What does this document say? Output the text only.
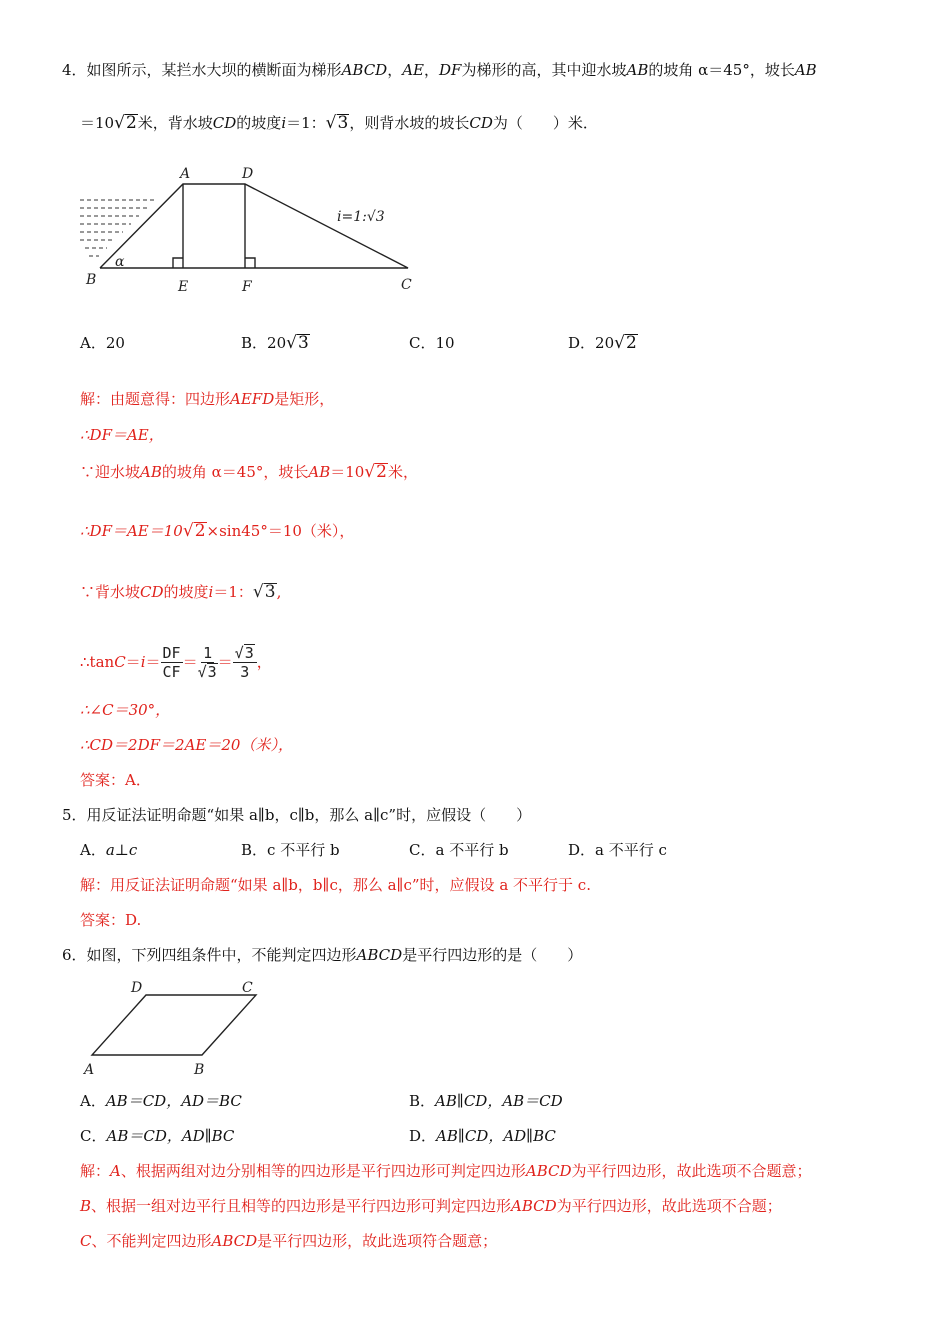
4．如图所示，某拦水大坝的横断面为梯形ABCD，AE，DF为梯形的高，其中迎水坡AB的坡角 α＝45°，坡长AB
＝10√2米，背水坡CD的坡度i＝1：√3，则背水坡的坡长CD为（　　）米．
A	D
B	E	F	C
α
i=1:√3
A．20	B．20√3	C．10	D．20√2
解：由题意得：四边形AEFD是矩形，
∴DF＝AE，
∵迎水坡AB的坡角 α＝45°，坡长AB＝10√2米，
∴DF＝AE＝10√2×sin45°＝10（米），
∵背水坡CD的坡度i＝1：√3,
∴tan $C = i = \frac{DF}{CF} = \frac{1}{√3} = \frac{√3}{3}$ ，
∴∠C＝30°，
∴CD＝2DF＝2AE＝20（米），
答案：A．
5．用反证法证明命题“如果 a∥b，c∥b，那么 a∥c”时，应假设（　　）
A．a⊥c	B．c 不平行 b	C．a 不平行 b	D．a 不平行 c
解：用反证法证明命题“如果 a∥b，b∥c，那么 a∥c”时，应假设 a 不平行于 c.
答案：D.
6．如图，下列四组条件中，不能判定四边形ABCD是平行四边形的是（　　）
D	C
A	B
A．AB＝CD，AD＝BC	B．AB∥CD，AB＝CD
C．AB＝CD，AD∥BC	D．AB∥CD，AD∥BC
解：A、根据两组对边分别相等的四边形是平行四边形可判定四边形ABCD为平行四边形，故此选项不合题意；
B、根据一组对边平行且相等的四边形是平行四边形可判定四边形ABCD为平行四边形，故此选项不合题；
C、不能判定四边形ABCD是平行四边形，故此选项符合题意；
